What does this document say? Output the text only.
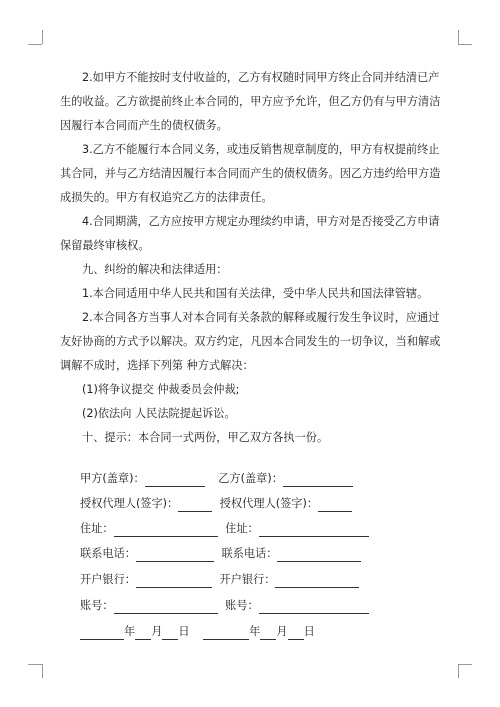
2.如甲方不能按时支付收益的，乙方有权随时同甲方终止合同并结清已产生的收益。乙方欲提前终止本合同的，甲方应予允许，但乙方仍有与甲方清洁因履行本合同而产生的债权债务。

3.乙方不能履行本合同义务，或违反销售规章制度的，甲方有权提前终止其合同，并与乙方结清因履行本合同而产生的债权债务。因乙方违约给甲方造成损失的。甲方有权追究乙方的法律责任。

4.合同期满，乙方应按甲方规定办理续约申请，甲方对是否接受乙方申请保留最终审核权。

九、纠纷的解决和法律适用：

1.本合同适用中华人民共和国有关法律，受中华人民共和国法律管辖。

2.本合同各方当事人对本合同有关条款的解释或履行发生争议时，应通过友好协商的方式予以解决。双方约定，凡因本合同发生的一切争议，当和解或调解不成时，选择下列第 种方式解决：

(1)将争议提交 仲裁委员会仲裁;

(2)依法向 人民法院提起诉讼。

十、提示：本合同一式两份，甲乙双方各执一份。

甲方(盖章)：	乙方(盖章)：
授权代理人(签字)：	授权代理人(签字)：
住址：	住址：
联系电话：	联系电话：
开户银行：	开户银行：
账号：	账号：
年 月 日	年 月 日
